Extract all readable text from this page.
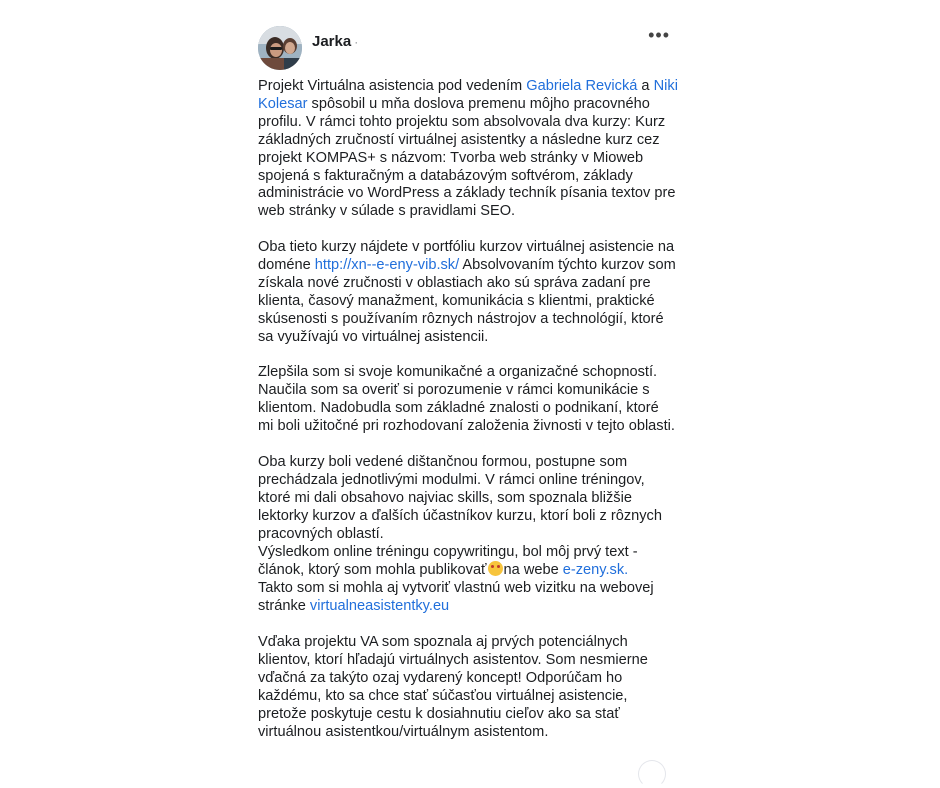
Jarka ·	•••

Projekt Virtuálna asistencia pod vedením Gabriela Revická a Niki Kolesar spôsobil u mňa doslova premenu môjho pracovného profilu. V rámci tohto projektu som absolvovala dva kurzy: Kurz základných zručností virtuálnej asistentky a následne kurz cez projekt KOMPAS+ s názvom: Tvorba web stránky v Mioweb spojená s fakturačným a databázovým softvérom, základy administrácie vo WordPress a základy techník písania textov pre web stránky v súlade s pravidlami SEO.

Oba tieto kurzy nájdete v portfóliu kurzov virtuálnej asistencie na doméne http://xn--e-eny-vib.sk/ Absolvovaním týchto kurzov som získala nové zručnosti v oblastiach ako sú správa zadaní pre klienta, časový manažment, komunikácia s klientmi, praktické skúsenosti s používaním rôznych nástrojov a technológií, ktoré sa využívajú vo virtuálnej asistencii.

Zlepšila som si svoje komunikačné a organizačné schopností. Naučila som sa overiť si porozumenie v rámci komunikácie s klientom. Nadobudla som základné znalosti o podnikaní, ktoré mi boli užitočné pri rozhodovaní založenia živnosti v tejto oblasti.

Oba kurzy boli vedené dištančnou formou, postupne som prechádzala jednotlivými modulmi. V rámci online tréningov, ktoré mi dali obsahovo najviac skills, som spoznala bližšie lektorky kurzov a ďalších účastníkov kurzu, ktorí boli z rôznych pracovných oblastí.
Výsledkom online tréningu copywritingu, bol môj prvý text - článok, ktorý som mohla publikovať na webe e-zeny.sk.
Takto som si mohla aj vytvoriť vlastnú web vizitku na webovej stránke virtualneasistentky.eu

Vďaka projektu VA som spoznala aj prvých potenciálnych klientov, ktorí hľadajú virtuálnych asistentov. Som nesmierne vďačná za takýto ozaj vydarený koncept! Odporúčam ho každému, kto sa chce stať súčasťou virtuálnej asistencie, pretože poskytuje cestu k dosiahnutiu cieľov ako sa stať virtuálnou asistentkou/virtuálnym asistentom.
